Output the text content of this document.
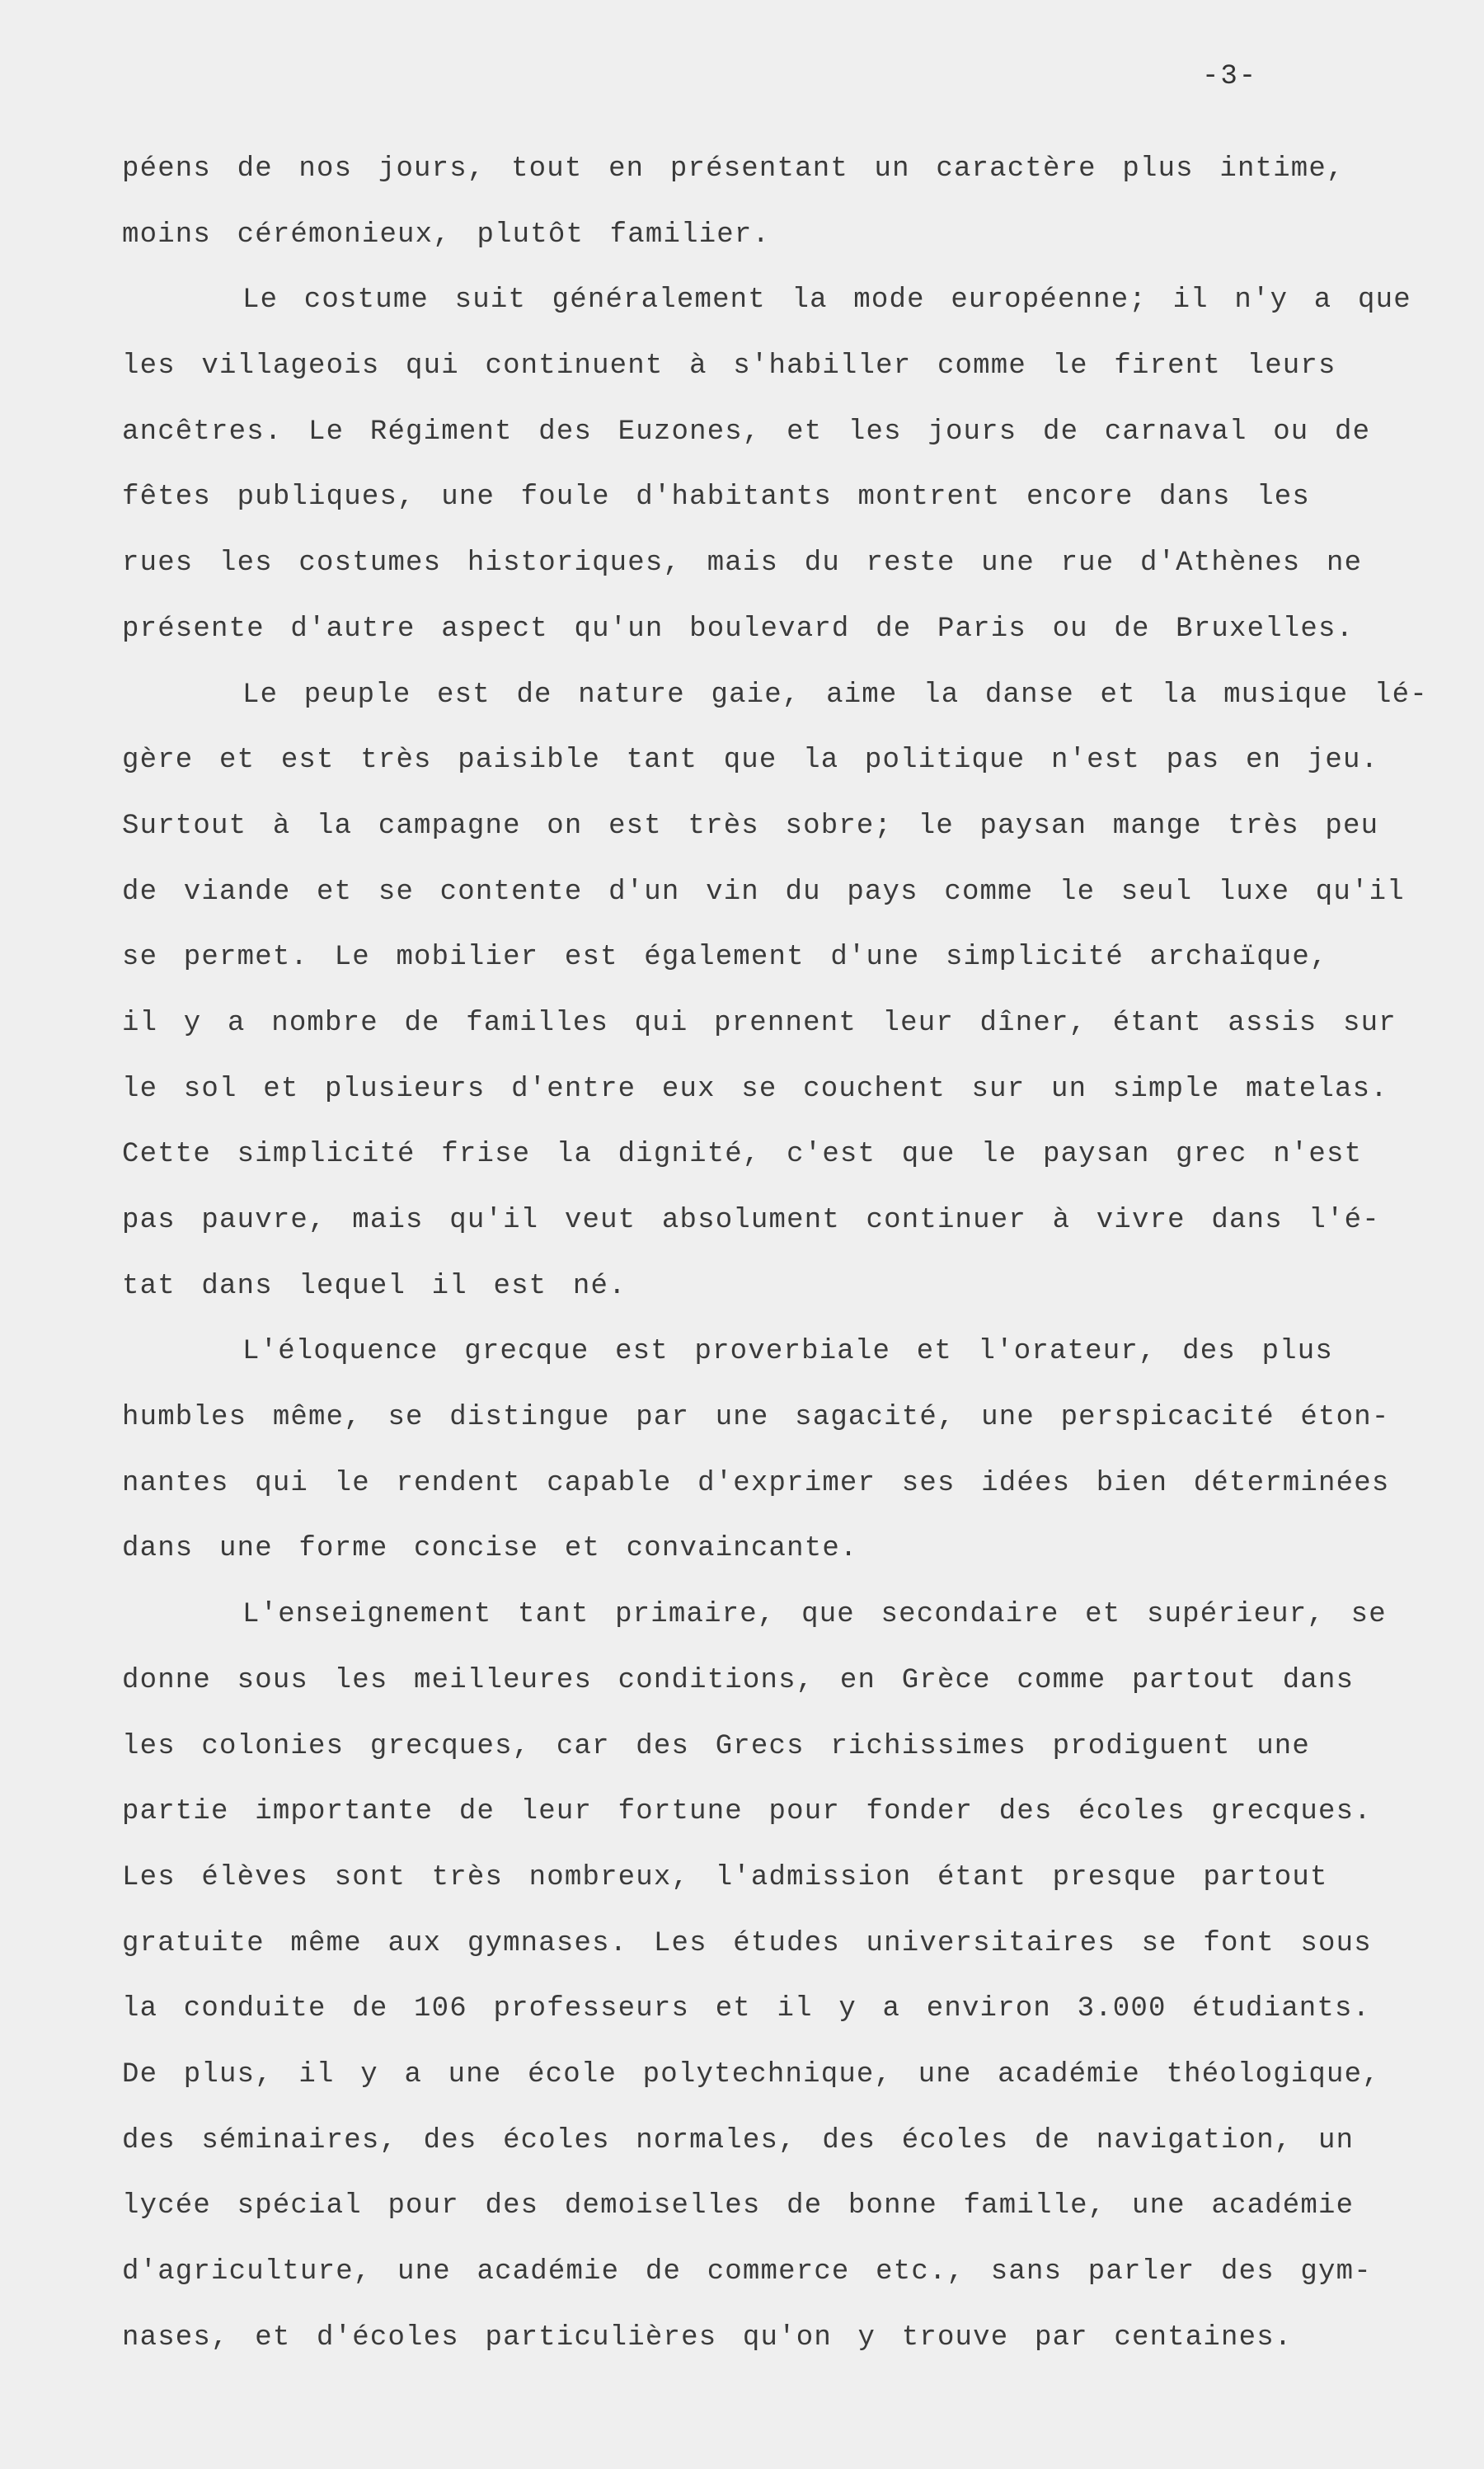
-3-
péens de nos jours, tout en présentant un caractère plus intime,
moins cérémonieux, plutôt familier.
Le costume suit généralement la mode européenne; il n'y a que
les villageois qui continuent à s'habiller comme le firent leurs
ancêtres. Le Régiment des Euzones, et les jours de carnaval ou de
fêtes publiques, une foule d'habitants montrent encore dans les
rues les costumes historiques, mais du reste une rue d'Athènes ne
présente d'autre aspect qu'un boulevard de Paris ou de Bruxelles.
Le peuple est de nature gaie, aime la danse et la musique lé-
gère et est très paisible tant que la politique n'est pas en jeu.
Surtout à la campagne on est très sobre; le paysan mange très peu
de viande et se contente d'un vin du pays comme le seul luxe qu'il
se permet. Le mobilier est également d'une simplicité archaïque,
il y a nombre de familles qui prennent leur dîner, étant assis sur
le sol et plusieurs d'entre eux se couchent sur un simple matelas.
Cette simplicité frise la dignité, c'est que le paysan grec n'est
pas pauvre, mais qu'il veut absolument continuer à vivre dans l'é-
tat dans lequel il est né.
L'éloquence grecque est proverbiale et l'orateur, des plus
humbles même, se distingue par une sagacité, une perspicacité éton-
nantes qui le rendent capable d'exprimer ses idées bien déterminées
dans une forme concise et convaincante.
L'enseignement tant primaire, que secondaire et supérieur, se
donne sous les meilleures conditions, en Grèce comme partout dans
les colonies grecques, car des Grecs richissimes prodiguent une
partie importante de leur fortune pour fonder des écoles grecques.
Les élèves sont très nombreux, l'admission étant presque partout
gratuite même aux gymnases. Les études universitaires se font sous
la conduite de 106 professeurs et il y a environ 3.000 étudiants.
De plus, il y a une école polytechnique, une académie théologique,
des séminaires, des écoles normales, des écoles de navigation, un
lycée spécial pour des demoiselles de bonne famille, une académie
d'agriculture, une académie de commerce etc., sans parler des gym-
nases, et d'écoles particulières qu'on y trouve par centaines.
